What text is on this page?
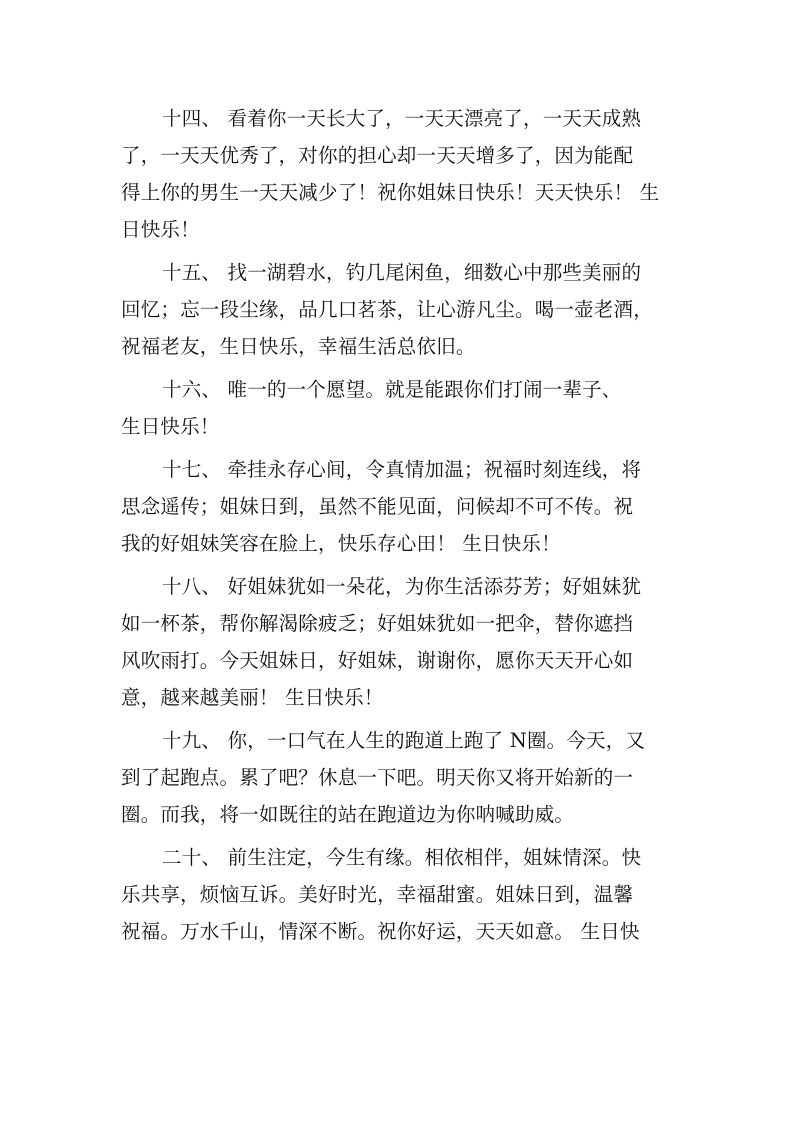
十四、 看着你一天长大了，一天天漂亮了，一天天成熟
了，一天天优秀了，对你的担心却一天天增多了，因为能配
得上你的男生一天天减少了！祝你姐妹日快乐！天天快乐！ 生
日快乐！
十五、 找一湖碧水，钓几尾闲鱼，细数心中那些美丽的
回忆；忘一段尘缘，品几口茗茶，让心游凡尘。喝一壶老酒，
祝福老友，生日快乐，幸福生活总依旧。
十六、 唯一的一个愿望。就是能跟你们打闹一辈子、
生日快乐！
十七、 牵挂永存心间，令真情加温；祝福时刻连线，将
思念遥传；姐妹日到，虽然不能见面，问候却不可不传。祝
我的好姐妹笑容在脸上，快乐存心田！ 生日快乐！
十八、 好姐妹犹如一朵花，为你生活添芬芳；好姐妹犹
如一杯茶，帮你解渴除疲乏；好姐妹犹如一把伞，替你遮挡
风吹雨打。今天姐妹日，好姐妹，谢谢你，愿你天天开心如
意，越来越美丽！ 生日快乐！
十九、 你，一口气在人生的跑道上跑了 N圈。今天，又
到了起跑点。累了吧？休息一下吧。明天你又将开始新的一
圈。而我，将一如既往的站在跑道边为你呐喊助威。
二十、 前生注定，今生有缘。相依相伴，姐妹情深。快
乐共享，烦恼互诉。美好时光，幸福甜蜜。姐妹日到，温馨
祝福。万水千山，情深不断。祝你好运，天天如意。 生日快
